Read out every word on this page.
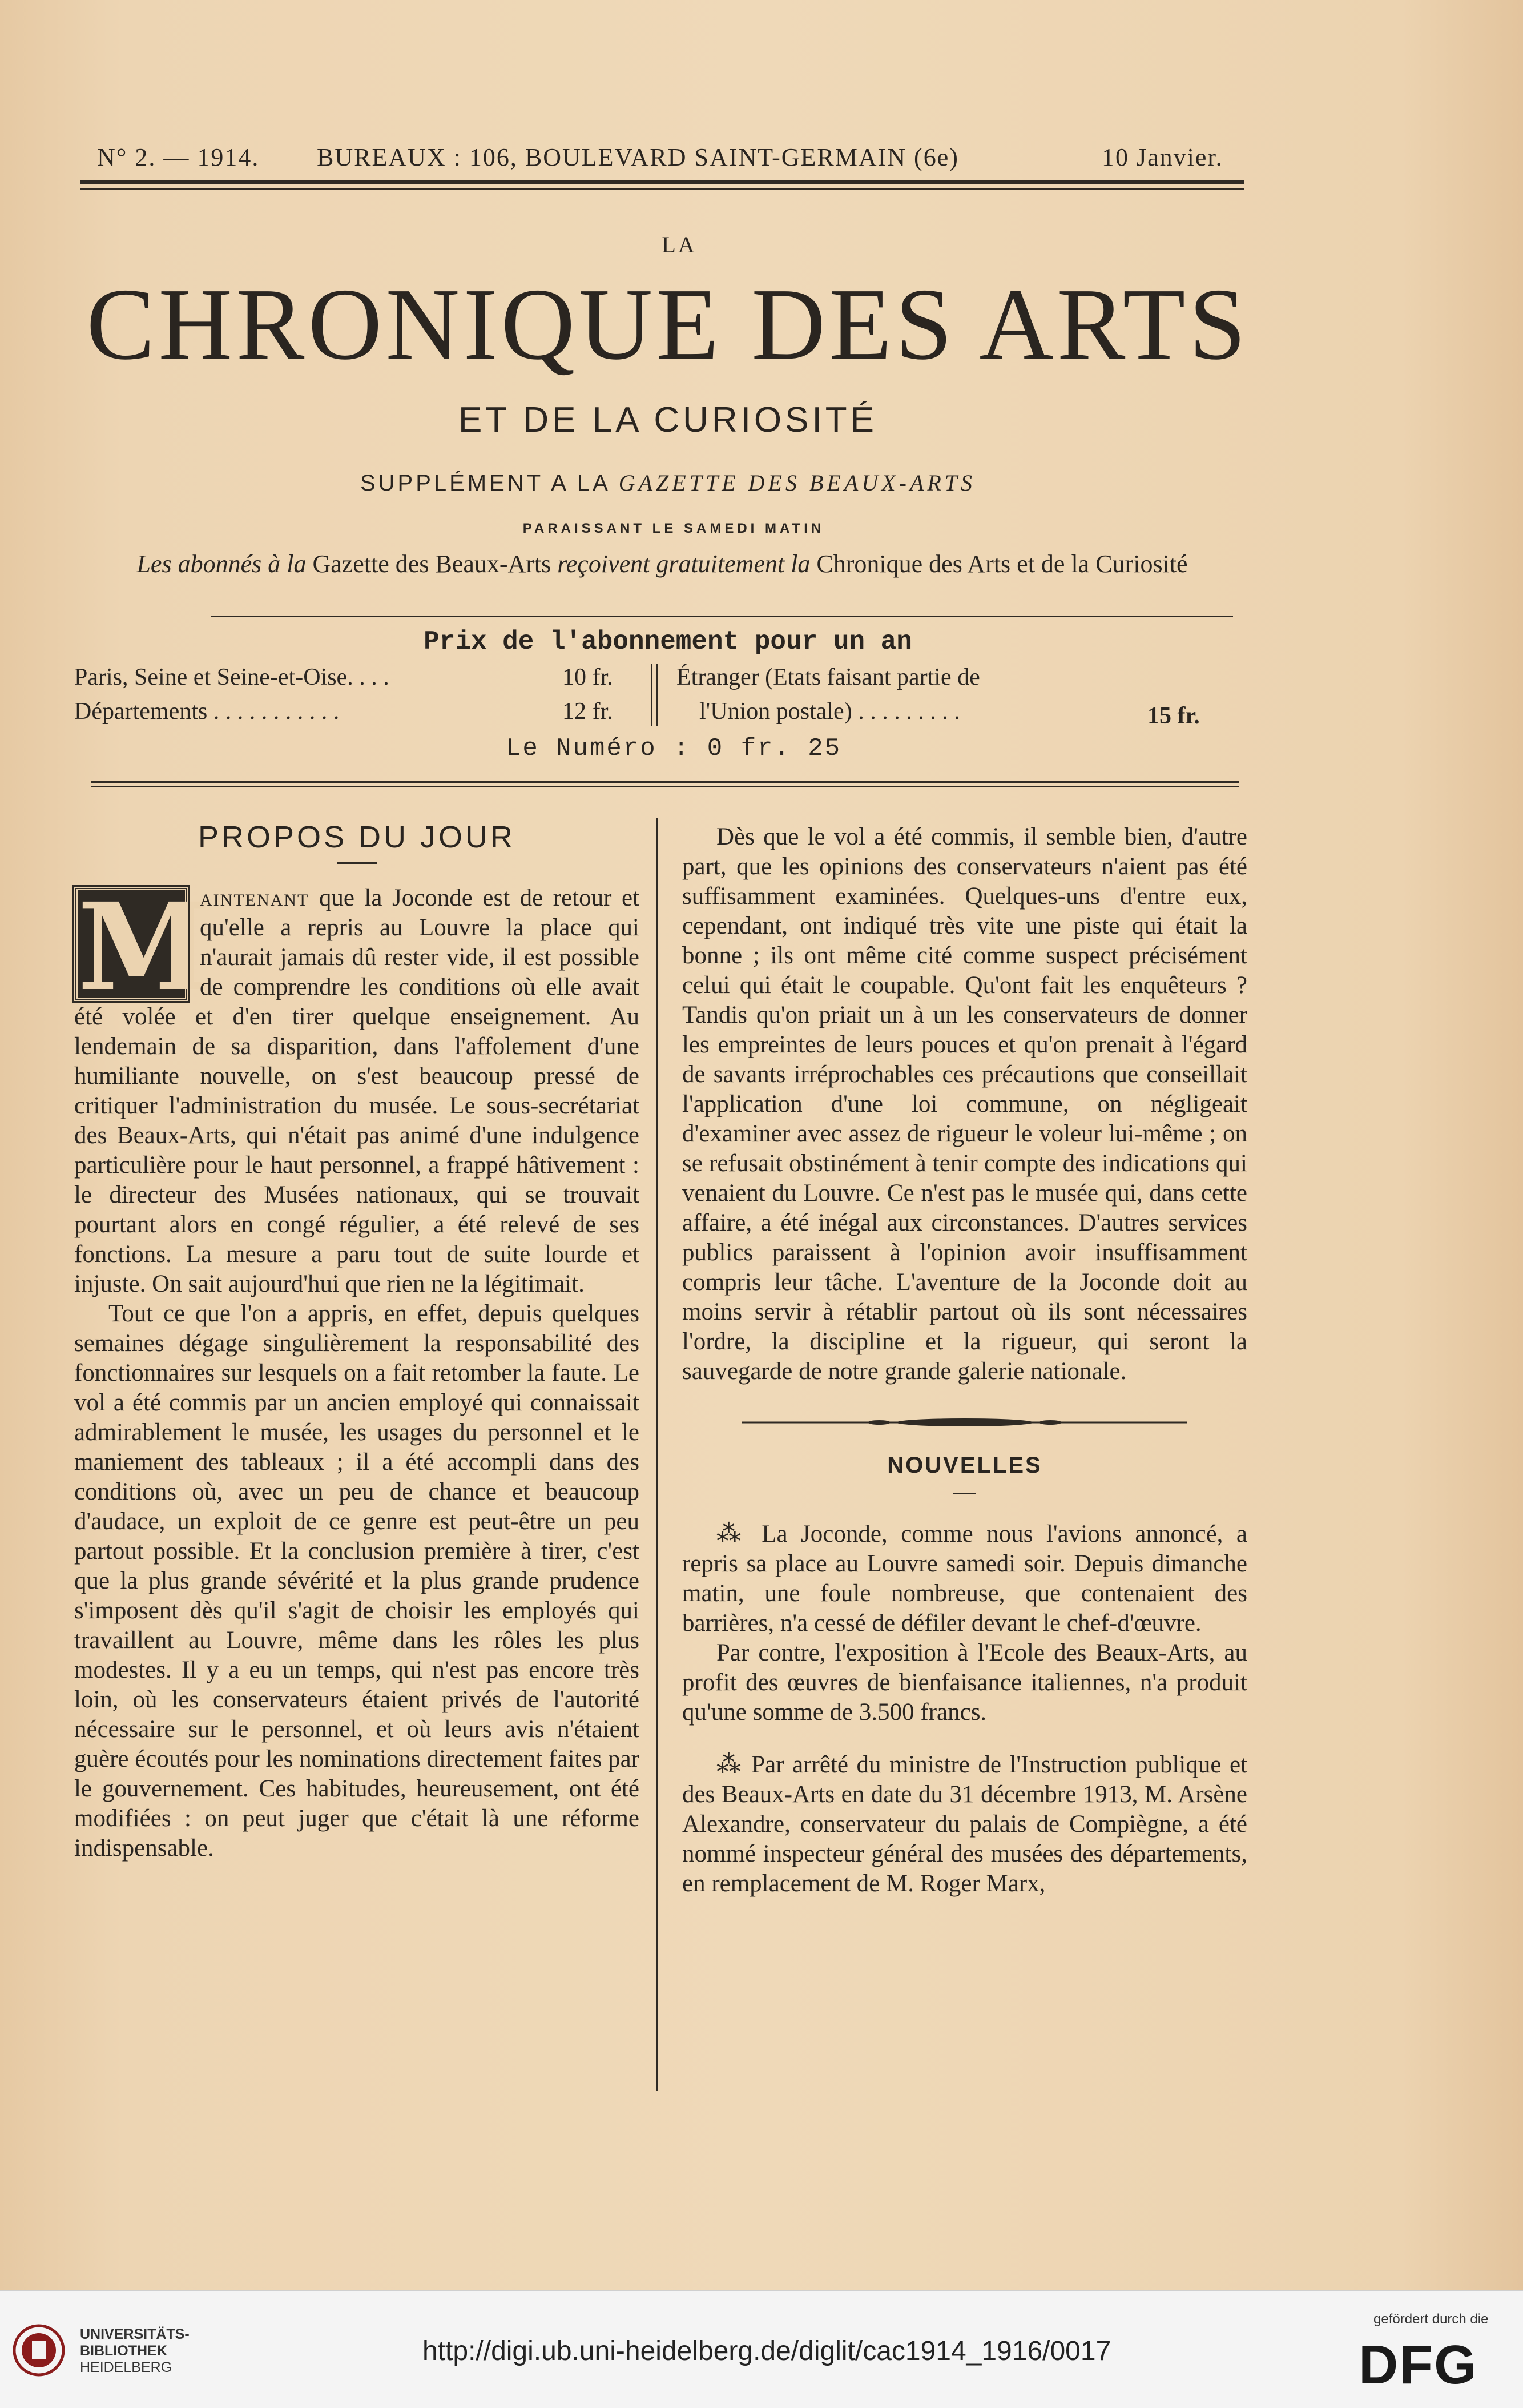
N° 2. — 1914. BUREAUX : 106, BOULEVARD SAINT-GERMAIN (6e)	10 Janvier.
LA
CHRONIQUE DES ARTS
ET DE LA CURIOSITÉ
SUPPLÉMENT A LA GAZETTE DES BEAUX-ARTS
PARAISSANT LE SAMEDI MATIN
Les abonnés à la Gazette des Beaux-Arts reçoivent gratuitement la Chronique des Arts et de la Curiosité
Prix de l'abonnement pour un an
Paris, Seine et Seine-et-Oise. . . .	10 fr.
Départements . . . . . . . . . . .	12 fr.
Étranger (Etats faisant partie de
l'Union postale) . . . . . . . . .	15 fr.
Le Numéro : 0 fr. 25
PROPOS DU JOUR

M
aintenant que la Joconde est de retour et qu'elle a repris au Louvre la place qui n'aurait jamais dû rester vide, il est possible de comprendre les conditions où elle avait été volée et d'en tirer quelque enseignement. Au lendemain de sa disparition, dans l'affolement d'une humiliante nouvelle, on s'est beaucoup pressé de critiquer l'administration du musée. Le sous-secrétariat des Beaux-Arts, qui n'était pas animé d'une indulgence particulière pour le haut personnel, a frappé hâtivement : le directeur des Musées nationaux, qui se trouvait pourtant alors en congé régulier, a été relevé de ses fonctions. La mesure a paru tout de suite lourde et injuste. On sait aujourd'hui que rien ne la légitimait.

Tout ce que l'on a appris, en effet, depuis quelques semaines dégage singulièrement la responsabilité des fonctionnaires sur lesquels on a fait retomber la faute. Le vol a été commis par un ancien employé qui connaissait admirablement le musée, les usages du personnel et le maniement des tableaux ; il a été accompli dans des conditions où, avec un peu de chance et beaucoup d'audace, un exploit de ce genre est peut-être un peu partout possible. Et la conclusion première à tirer, c'est que la plus grande sévérité et la plus grande prudence s'imposent dès qu'il s'agit de choisir les employés qui travaillent au Louvre, même dans les rôles les plus modestes. Il y a eu un temps, qui n'est pas encore très loin, où les conservateurs étaient privés de l'autorité nécessaire sur le personnel, et où leurs avis n'étaient guère écoutés pour les nominations directement faites par le gouvernement. Ces habitudes, heureusement, ont été modifiées : on peut juger que c'était là une réforme indispensable.

Dès que le vol a été commis, il semble bien, d'autre part, que les opinions des conservateurs n'aient pas été suffisamment examinées. Quelques-uns d'entre eux, cependant, ont indiqué très vite une piste qui était la bonne ; ils ont même cité comme suspect précisément celui qui était le coupable. Qu'ont fait les enquêteurs ? Tandis qu'on priait un à un les conservateurs de donner les empreintes de leurs pouces et qu'on prenait à l'égard de savants irréprochables ces précautions que conseillait l'application d'une loi commune, on négligeait d'examiner avec assez de rigueur le voleur lui-même ; on se refusait obstinément à tenir compte des indications qui venaient du Louvre. Ce n'est pas le musée qui, dans cette affaire, a été inégal aux circonstances. D'autres services publics paraissent à l'opinion avoir insuffisamment compris leur tâche. L'aventure de la Joconde doit au moins servir à rétablir partout où ils sont nécessaires l'ordre, la discipline et la rigueur, qui seront la sauvegarde de notre grande galerie nationale.

NOUVELLES

⁂ La Joconde, comme nous l'avions annoncé, a repris sa place au Louvre samedi soir. Depuis dimanche matin, une foule nombreuse, que contenaient des barrières, n'a cessé de défiler devant le chef-d'œuvre.

Par contre, l'exposition à l'Ecole des Beaux-Arts, au profit des œuvres de bienfaisance italiennes, n'a produit qu'une somme de 3.500 francs.

⁂ Par arrêté du ministre de l'Instruction publique et des Beaux-Arts en date du 31 décembre 1913, M. Arsène Alexandre, conservateur du palais de Compiègne, a été nommé inspecteur général des musées des départements, en remplacement de M. Roger Marx,

UNIVERSITÄTS-
BIBLIOTHEK
HEIDELBERG
http://digi.ub.uni-heidelberg.de/diglit/cac1914_1916/0017
gefördert durch die
DFG
